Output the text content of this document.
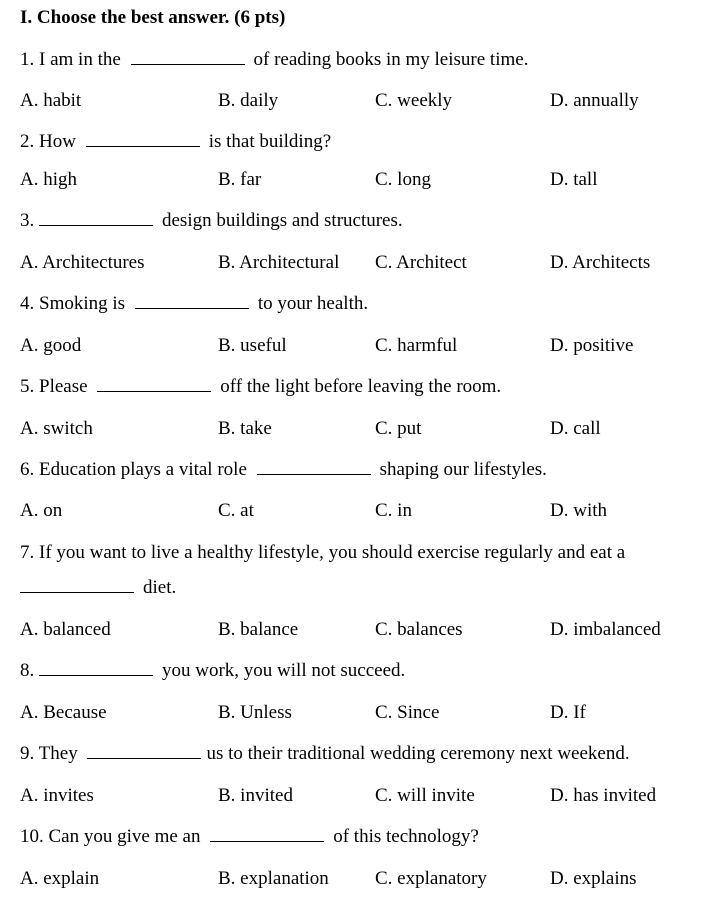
I. Choose the best answer. (6 pts)
1. I am in the	of reading books in my leisure time.
A. habit	B. daily	C. weekly	D. annually
2. How	is that building?
A. high	B. far	C. long	D. tall
3.	design buildings and structures.
A. Architectures	B. Architectural C. Architect	D. Architects
4. Smoking is	to your health.
A. good	B. useful	C. harmful	D. positive
5. Please	off the light before leaving the room.
A. switch	B. take	C. put	D. call
6. Education plays a vital role	shaping our lifestyles.
A. on	C. at	C. in	D. with
7. If you want to live a healthy lifestyle, you should exercise regularly and eat a
diet.
A. balanced	B. balance	C. balances	D. imbalanced
8.	you work, you will not succeed.
A. Because	B. Unless	C. Since	D. If
9. They	us to their traditional wedding ceremony next weekend.
A. invites	B. invited	C. will invite	D. has invited
10. Can you give me an	of this technology?
A. explain	B. explanation C. explanatory	D. explains
